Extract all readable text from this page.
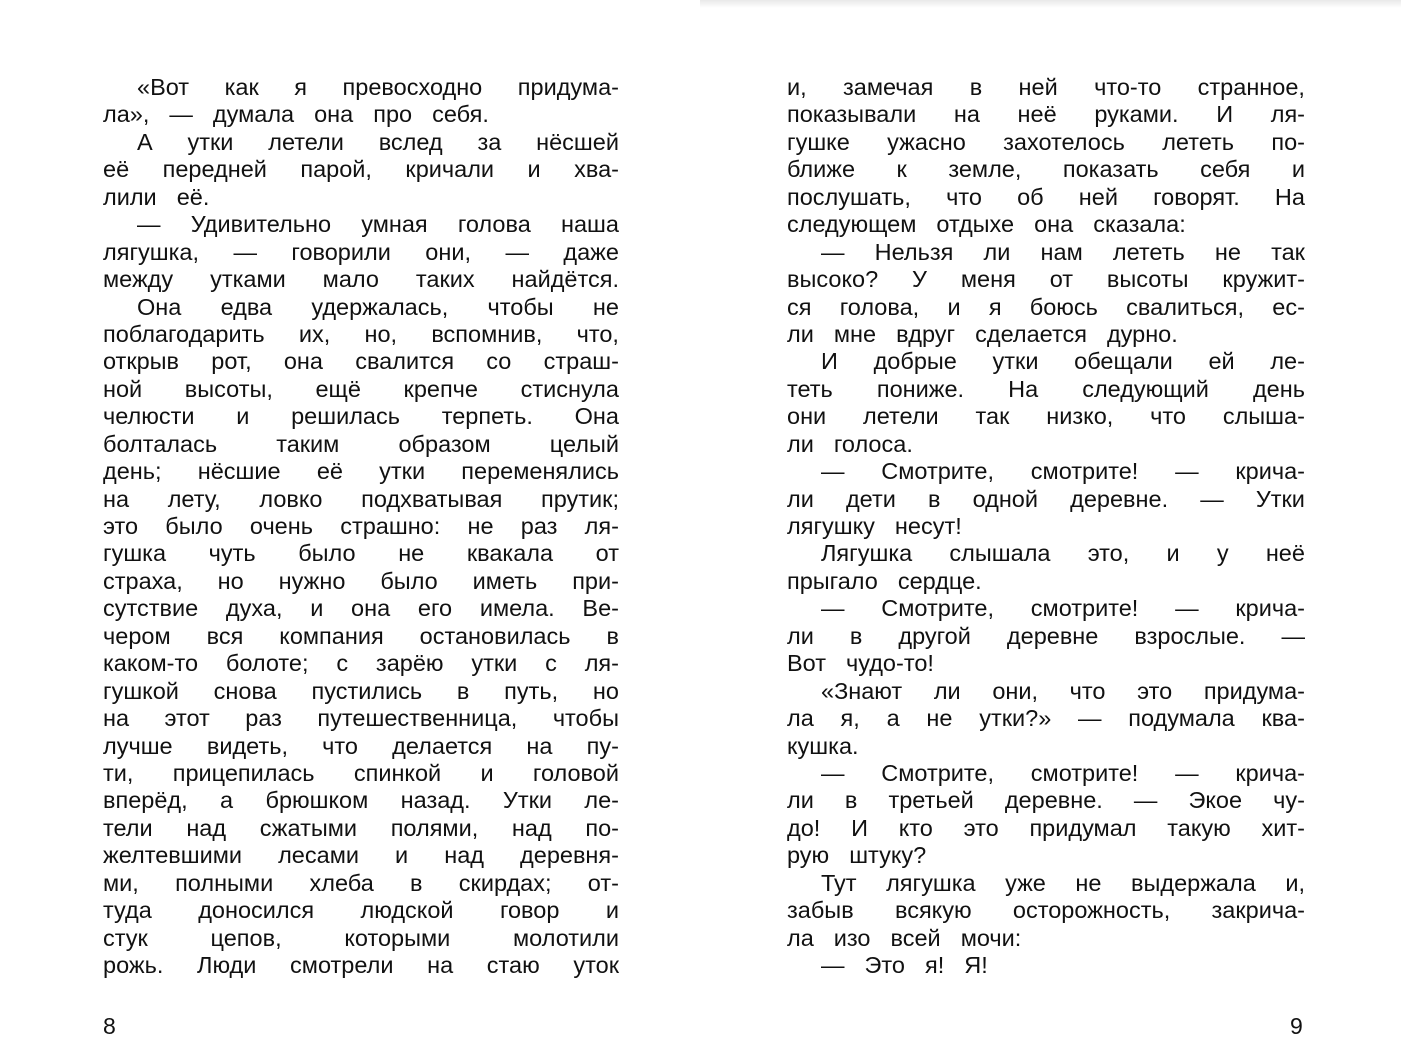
«Вот как я превосходно придума-
ла», — думала она про себя.
А утки летели вслед за нёсшей
её передней парой, кричали и хва-
лили её.
— Удивительно умная голова наша
лягушка, — говорили они, — даже
между утками мало таких найдётся.
Она едва удержалась, чтобы не
поблагодарить их, но, вспомнив, что,
открыв рот, она свалится со страш-
ной высоты, ещё крепче стиснула
челюсти и решилась терпеть. Она
болталась	таким	образом	целый
день; нёсшие её утки переменялись
на лету, ловко подхватывая прутик;
это было очень страшно: не раз ля-
гушка чуть было не квакала от
страха, но нужно было иметь при-
сутствие духа, и она его имела. Ве-
чером вся компания остановилась в
каком-то болоте; с зарёю утки с ля-
гушкой снова пустились в путь, но
на этот раз путешественница, чтобы
лучше видеть, что делается на пу-
ти, прицепилась спинкой и головой
вперёд, а брюшком назад. Утки ле-
тели над сжатыми полями, над по-
желтевшими лесами и над деревня-
ми, полными хлеба в скирдах; от-
туда доносился людской говор и
стук	цепов,	которыми	молотили
рожь. Люди смотрели на стаю уток
8
и, замечая в ней что-то странное,
показывали на неё руками. И ля-
гушке ужасно захотелось лететь по-
ближе к земле, показать себя и
послушать, что об ней говорят. На
следующем отдыхе она сказала:
— Нельзя ли нам лететь не так
высоко? У меня от высоты кружит-
ся голова, и я боюсь свалиться, ес-
ли мне вдруг сделается дурно.
И добрые утки обещали ей ле-
теть пониже. На следующий день
они летели так низко, что слыша-
ли голоса.
— Смотрите, смотрите! — крича-
ли дети в одной деревне. — Утки
лягушку несут!
Лягушка слышала это, и у неё
прыгало сердце.
— Смотрите, смотрите! — крича-
ли в другой деревне взрослые. —
Вот чудо-то!
«Знают ли они, что это придума-
ла я, а не утки?» — подумала ква-
кушка.
— Смотрите, смотрите! — крича-
ли в третьей деревне. — Экое чу-
до! И кто это придумал такую хит-
рую штуку?
Тут лягушка уже не выдержала и,
забыв всякую осторожность, закрича-
ла изо всей мочи:
— Это я! Я!
9
